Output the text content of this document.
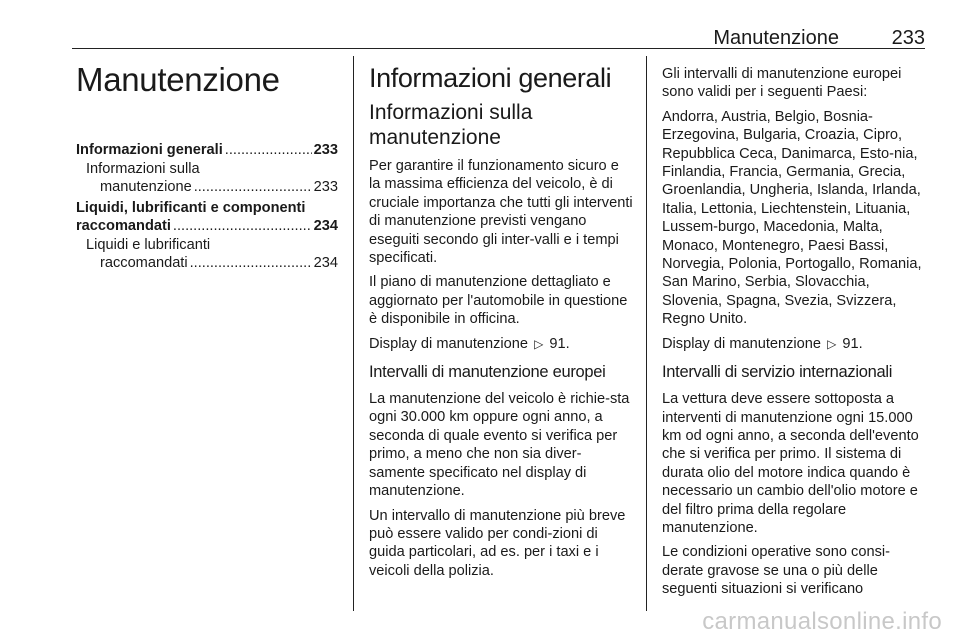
Manutenzione	233
Manutenzione
Informazioni generali .....	233
Informazioni sulla
manutenzione .....	233
Liquidi, lubrificanti e componenti
raccomandati .....	234
Liquidi e lubrificanti
raccomandati .....	234
Informazioni generali
Informazioni sulla manutenzione

Per garantire il funzionamento sicuro e la massima efficienza del veicolo, è di cruciale importanza che tutti gli interventi di manutenzione previsti vengano eseguiti secondo gli inter-valli e i tempi specificati.

Il piano di manutenzione dettagliato e aggiornato per l'automobile in questione è disponibile in officina.

Display di manutenzione ▷ 91.
Intervalli di manutenzione europei

La manutenzione del veicolo è richie-sta ogni 30.000 km oppure ogni anno, a seconda di quale evento si verifica per primo, a meno che non sia diver-samente specificato nel display di manutenzione.

Un intervallo di manutenzione più breve può essere valido per condi-zioni di guida particolari, ad es. per i taxi e i veicoli della polizia.

Gli intervalli di manutenzione europei sono validi per i seguenti Paesi:

Andorra, Austria, Belgio, Bosnia-Erzegovina, Bulgaria, Croazia, Cipro, Repubblica Ceca, Danimarca, Esto-nia, Finlandia, Francia, Germania, Grecia, Groenlandia, Ungheria, Islanda, Irlanda, Italia, Lettonia, Liechtenstein, Lituania, Lussem-burgo, Macedonia, Malta, Monaco, Montenegro, Paesi Bassi, Norvegia, Polonia, Portogallo, Romania, San Marino, Serbia, Slovacchia, Slovenia, Spagna, Svezia, Svizzera, Regno Unito.

Display di manutenzione ▷ 91.
Intervalli di servizio internazionali

La vettura deve essere sottoposta a interventi di manutenzione ogni 15.000 km od ogni anno, a seconda dell'evento che si verifica per primo. Il sistema di durata olio del motore indica quando è necessario un cambio dell'olio motore e del filtro prima della regolare manutenzione.

Le condizioni operative sono consi-derate gravose se una o più delle seguenti situazioni si verificano

carmanualsonline.info
